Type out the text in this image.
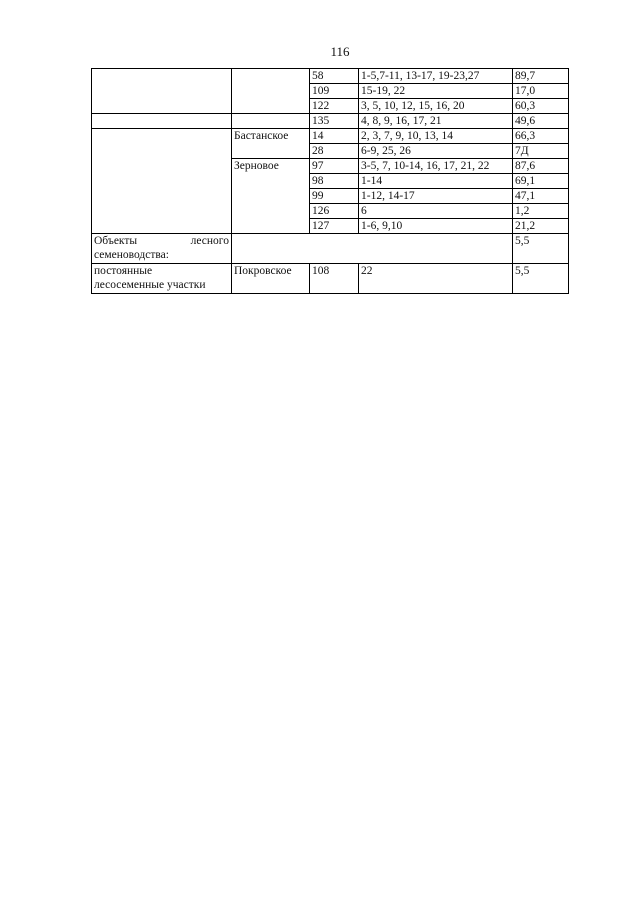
116
		58	1-5,7-11, 13-17, 19-23,27	89,7
		109	15-19, 22	17,0
		122	3, 5, 10, 12, 15, 16, 20	60,3
		135	4, 8, 9, 16, 17, 21	49,6
	Бастанское	14	2, 3, 7, 9, 10, 13, 14	66,3
		28	6-9, 25, 26	7Д
	Зерновое	97	3-5, 7, 10-14, 16, 17, 21, 22	87,6
		98	1-14	69,1
		99	1-12, 14-17	47,1
		126	6	1,2
		127	1-6, 9,10	21,2

Объекты лесного
семеноводства:				5,5

постоянные
лесосеменные участки	Покровское	108	22	5,5
